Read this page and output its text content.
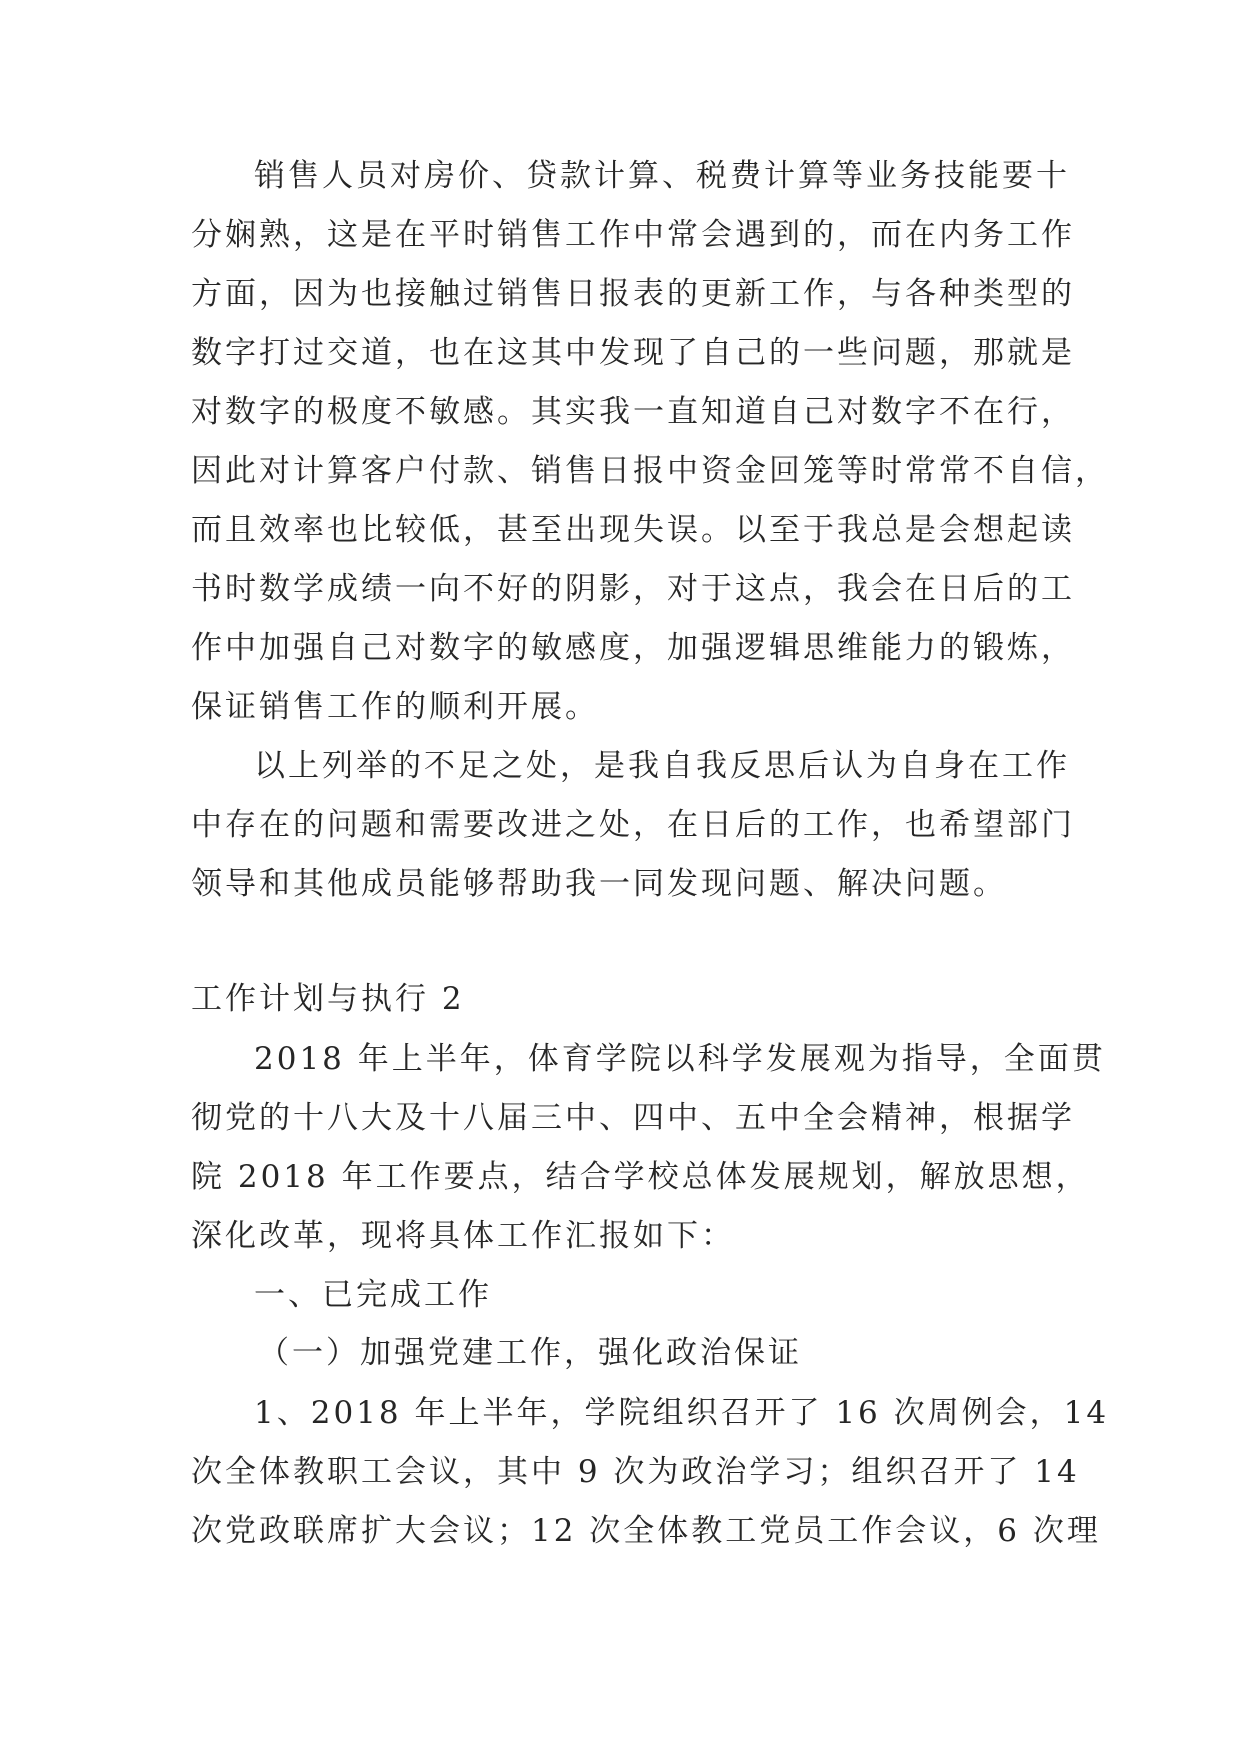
销售人员对房价、贷款计算、税费计算等业务技能要十
分娴熟，这是在平时销售工作中常会遇到的，而在内务工作
方面，因为也接触过销售日报表的更新工作，与各种类型的
数字打过交道，也在这其中发现了自己的一些问题，那就是
对数字的极度不敏感。其实我一直知道自己对数字不在行，
因此对计算客户付款、销售日报中资金回笼等时常常不自信，
而且效率也比较低，甚至出现失误。以至于我总是会想起读
书时数学成绩一向不好的阴影，对于这点，我会在日后的工
作中加强自己对数字的敏感度，加强逻辑思维能力的锻炼，
保证销售工作的顺利开展。
以上列举的不足之处，是我自我反思后认为自身在工作
中存在的问题和需要改进之处，在日后的工作，也希望部门
领导和其他成员能够帮助我一同发现问题、解决问题。
工作计划与执行 2
2018 年上半年，体育学院以科学发展观为指导，全面贯
彻党的十八大及十八届三中、四中、五中全会精神，根据学
院 2018 年工作要点，结合学校总体发展规划，解放思想，
深化改革，现将具体工作汇报如下：
一、已完成工作
（一）加强党建工作，强化政治保证
1、2018 年上半年，学院组织召开了 16 次周例会，14
次全体教职工会议，其中 9 次为政治学习；组织召开了 14
次党政联席扩大会议；12 次全体教工党员工作会议，6 次理
